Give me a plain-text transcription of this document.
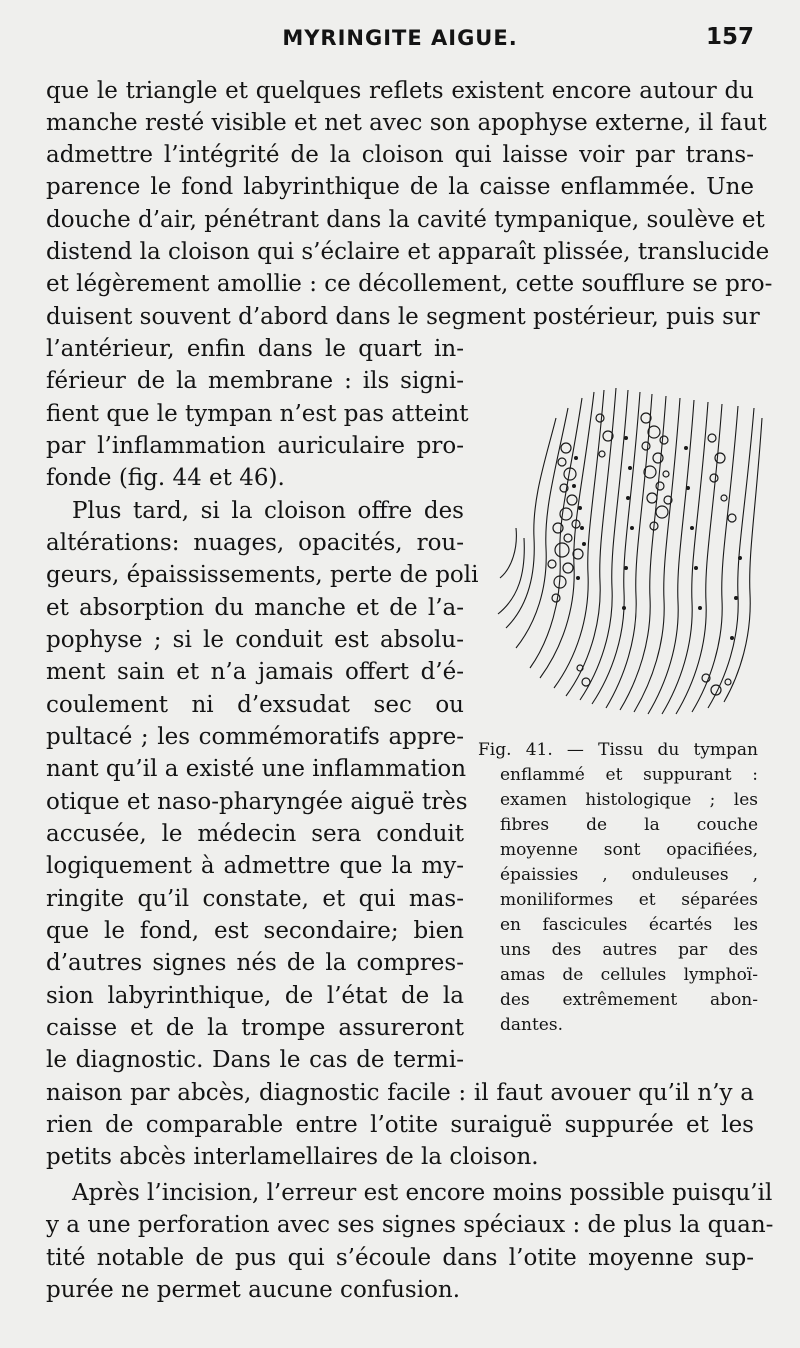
MYRINGITE AIGUE.	157
que le triangle et quelques reflets existent encore autour du
manche resté visible et net avec son apophyse externe, il faut
admettre l’intégrité de la cloison qui laisse voir par trans-
parence le fond labyrinthique de la caisse enflammée. Une
douche d’air, pénétrant dans la cavité tympanique, soulève et
distend la cloison qui s’éclaire et apparaît plissée, translucide
et légèrement amollie : ce décollement, cette soufflure se pro-
duisent souvent d’abord dans le segment postérieur, puis sur
l’antérieur, enfin dans le quart in-
férieur de la membrane : ils signi-
fient que le tympan n’est pas atteint
par l’inflammation auriculaire pro-
fonde (fig. 44 et 46).
Plus tard, si la cloison offre des
altérations: nuages, opacités, rou-
geurs, épaississements, perte de poli
et absorption du manche et de l’a-
pophyse ; si le conduit est absolu-
ment sain et n’a jamais offert d’é-
coulement ni d’exsudat sec ou
pultacé ; les commémoratifs appre-
nant qu’il a existé une inflammation
otique et naso-pharyngée aiguë très
accusée, le médecin sera conduit
logiquement à admettre que la my-
ringite qu’il constate, et qui mas-
que le fond, est secondaire; bien
d’autres signes nés de la compres-
sion labyrinthique, de l’état de la
caisse et de la trompe assureront
le diagnostic. Dans le cas de termi-
naison par abcès, diagnostic facile : il faut avouer qu’il n’y a
rien de comparable entre l’otite suraiguë suppurée et les
petits abcès interlamellaires de la cloison.
Après l’incision, l’erreur est encore moins possible puisqu’il
y a une perforation avec ses signes spéciaux : de plus la quan-
tité notable de pus qui s’écoule dans l’otite moyenne sup-
purée ne permet aucune confusion.
Fig. 41. — Tissu du tympan
enflammé et suppurant :
examen histologique ; les
fibres de la couche
moyenne sont opacifiées,
épaissies , onduleuses ,
moniliformes et séparées
en fascicules écartés les
uns des autres par des
amas de cellules lymphoï-
des extrêmement abon-
dantes.
